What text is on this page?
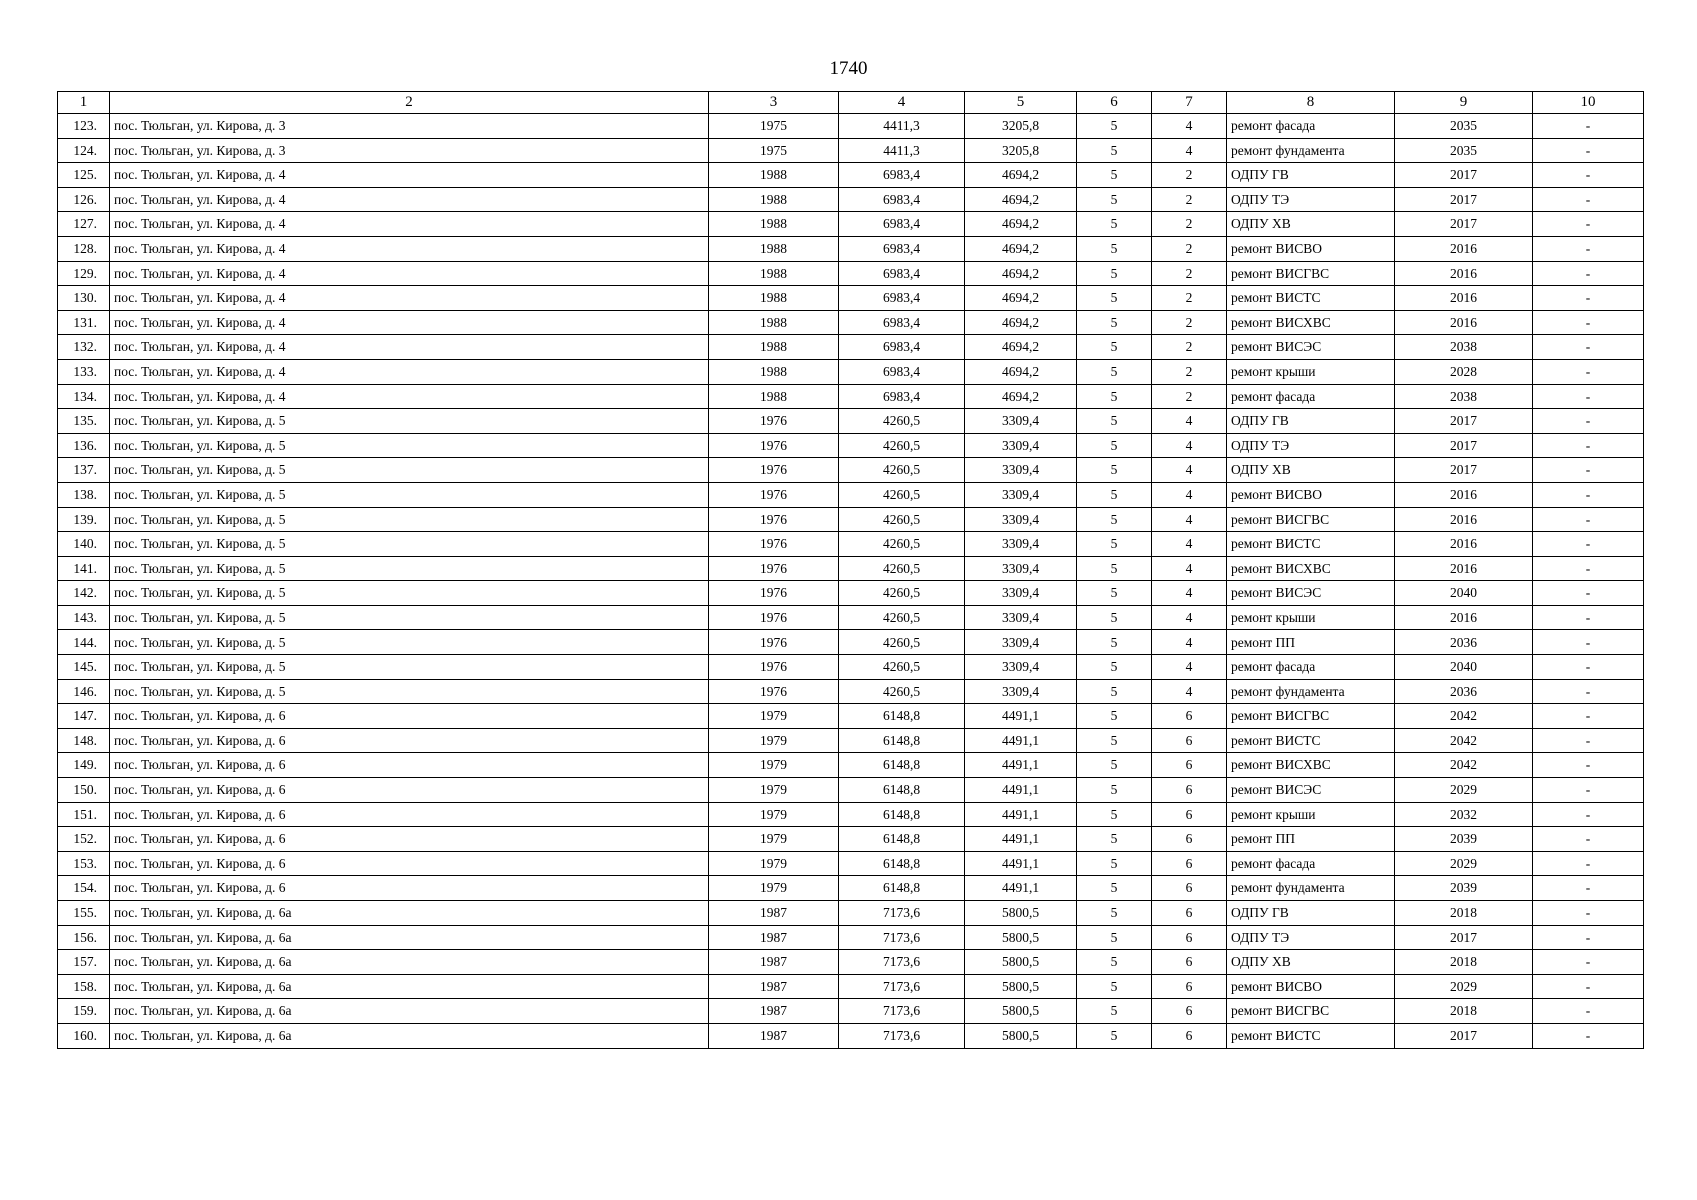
1740
1	2	3	4	5	6	7	8	9	10
123.	пос. Тюльган, ул. Кирова, д. 3	1975	4411,3	3205,8	5	4	ремонт фасада	2035	-
124.	пос. Тюльган, ул. Кирова, д. 3	1975	4411,3	3205,8	5	4	ремонт фундамента	2035	-
125.	пос. Тюльган, ул. Кирова, д. 4	1988	6983,4	4694,2	5	2	ОДПУ ГВ	2017	-
126.	пос. Тюльган, ул. Кирова, д. 4	1988	6983,4	4694,2	5	2	ОДПУ ТЭ	2017	-
127.	пос. Тюльган, ул. Кирова, д. 4	1988	6983,4	4694,2	5	2	ОДПУ ХВ	2017	-
128.	пос. Тюльган, ул. Кирова, д. 4	1988	6983,4	4694,2	5	2	ремонт ВИСВО	2016	-
129.	пос. Тюльган, ул. Кирова, д. 4	1988	6983,4	4694,2	5	2	ремонт ВИСГВС	2016	-
130.	пос. Тюльган, ул. Кирова, д. 4	1988	6983,4	4694,2	5	2	ремонт ВИСТС	2016	-
131.	пос. Тюльган, ул. Кирова, д. 4	1988	6983,4	4694,2	5	2	ремонт ВИСХВС	2016	-
132.	пос. Тюльган, ул. Кирова, д. 4	1988	6983,4	4694,2	5	2	ремонт ВИСЭС	2038	-
133.	пос. Тюльган, ул. Кирова, д. 4	1988	6983,4	4694,2	5	2	ремонт крыши	2028	-
134.	пос. Тюльган, ул. Кирова, д. 4	1988	6983,4	4694,2	5	2	ремонт фасада	2038	-
135.	пос. Тюльган, ул. Кирова, д. 5	1976	4260,5	3309,4	5	4	ОДПУ ГВ	2017	-
136.	пос. Тюльган, ул. Кирова, д. 5	1976	4260,5	3309,4	5	4	ОДПУ ТЭ	2017	-
137.	пос. Тюльган, ул. Кирова, д. 5	1976	4260,5	3309,4	5	4	ОДПУ ХВ	2017	-
138.	пос. Тюльган, ул. Кирова, д. 5	1976	4260,5	3309,4	5	4	ремонт ВИСВО	2016	-
139.	пос. Тюльган, ул. Кирова, д. 5	1976	4260,5	3309,4	5	4	ремонт ВИСГВС	2016	-
140.	пос. Тюльган, ул. Кирова, д. 5	1976	4260,5	3309,4	5	4	ремонт ВИСТС	2016	-
141.	пос. Тюльган, ул. Кирова, д. 5	1976	4260,5	3309,4	5	4	ремонт ВИСХВС	2016	-
142.	пос. Тюльган, ул. Кирова, д. 5	1976	4260,5	3309,4	5	4	ремонт ВИСЭС	2040	-
143.	пос. Тюльган, ул. Кирова, д. 5	1976	4260,5	3309,4	5	4	ремонт крыши	2016	-
144.	пос. Тюльган, ул. Кирова, д. 5	1976	4260,5	3309,4	5	4	ремонт ПП	2036	-
145.	пос. Тюльган, ул. Кирова, д. 5	1976	4260,5	3309,4	5	4	ремонт фасада	2040	-
146.	пос. Тюльган, ул. Кирова, д. 5	1976	4260,5	3309,4	5	4	ремонт фундамента	2036	-
147.	пос. Тюльган, ул. Кирова, д. 6	1979	6148,8	4491,1	5	6	ремонт ВИСГВС	2042	-
148.	пос. Тюльган, ул. Кирова, д. 6	1979	6148,8	4491,1	5	6	ремонт ВИСТС	2042	-
149.	пос. Тюльган, ул. Кирова, д. 6	1979	6148,8	4491,1	5	6	ремонт ВИСХВС	2042	-
150.	пос. Тюльган, ул. Кирова, д. 6	1979	6148,8	4491,1	5	6	ремонт ВИСЭС	2029	-
151.	пос. Тюльган, ул. Кирова, д. 6	1979	6148,8	4491,1	5	6	ремонт крыши	2032	-
152.	пос. Тюльган, ул. Кирова, д. 6	1979	6148,8	4491,1	5	6	ремонт ПП	2039	-
153.	пос. Тюльган, ул. Кирова, д. 6	1979	6148,8	4491,1	5	6	ремонт фасада	2029	-
154.	пос. Тюльган, ул. Кирова, д. 6	1979	6148,8	4491,1	5	6	ремонт фундамента	2039	-
155.	пос. Тюльган, ул. Кирова, д. 6а	1987	7173,6	5800,5	5	6	ОДПУ ГВ	2018	-
156.	пос. Тюльган, ул. Кирова, д. 6а	1987	7173,6	5800,5	5	6	ОДПУ ТЭ	2017	-
157.	пос. Тюльган, ул. Кирова, д. 6а	1987	7173,6	5800,5	5	6	ОДПУ ХВ	2018	-
158.	пос. Тюльган, ул. Кирова, д. 6а	1987	7173,6	5800,5	5	6	ремонт ВИСВО	2029	-
159.	пос. Тюльган, ул. Кирова, д. 6а	1987	7173,6	5800,5	5	6	ремонт ВИСГВС	2018	-
160.	пос. Тюльган, ул. Кирова, д. 6а	1987	7173,6	5800,5	5	6	ремонт ВИСТС	2017	-
